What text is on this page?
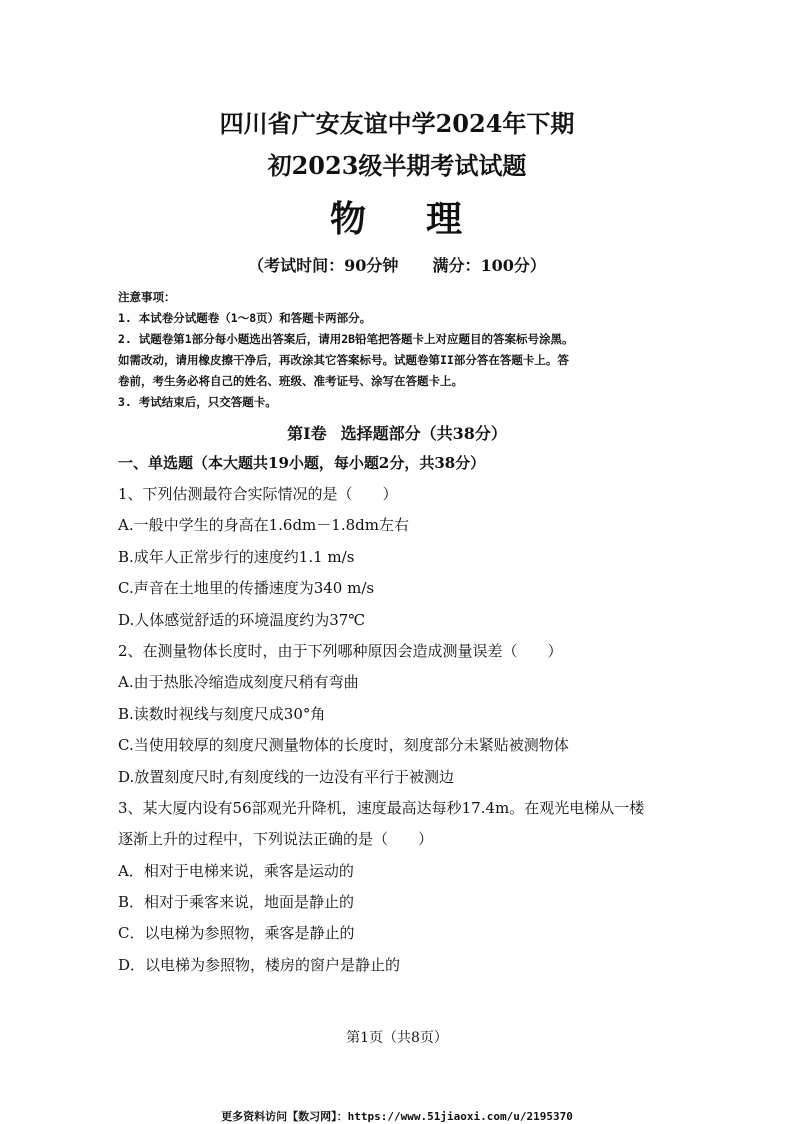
四川省广安友谊中学2024年下期
初2023级半期考试试题
物 理
（考试时间：90分钟 满分：100分）

注意事项：

1. 本试卷分试题卷（1～8页）和答题卡两部分。

2. 试题卷第1部分每小题选出答案后，请用2B铅笔把答题卡上对应题目的答案标号涂黑。

如需改动，请用橡皮擦干净后，再改涂其它答案标号。试题卷第II部分答在答题卡上。答

卷前，考生务必将自己的姓名、班级、准考证号、涂写在答题卡上。

3. 考试结束后，只交答题卡。

第Ⅰ卷 选择题部分（共38分）
一、单选题（本大题共19小题，每小题2分，共38分）
1、下列估测最符合实际情况的是（　　）
A.一般中学生的身高在1.6dm－1.8dm左右
B.成年人正常步行的速度约1.1 m/s
C.声音在土地里的传播速度为340 m/s
D.人体感觉舒适的环境温度约为37℃
2、在测量物体长度时，由于下列哪种原因会造成测量误差（　　）
A.由于热胀冷缩造成刻度尺稍有弯曲
B.读数时视线与刻度尺成30°角
C.当使用较厚的刻度尺测量物体的长度时，刻度部分未紧贴被测物体
D.放置刻度尺时,有刻度线的一边没有平行于被测边
3、某大厦内设有56部观光升降机，速度最高达每秒17.4m。在观光电梯从一楼
逐渐上升的过程中，下列说法正确的是（　　）
A．相对于电梯来说，乘客是运动的
B．相对于乘客来说，地面是静止的
C．以电梯为参照物，乘客是静止的
D．以电梯为参照物，楼房的窗户是静止的
第1页（共8页）
更多资料访问【数习网】：https://www.51jiaoxi.com/u/2195370
